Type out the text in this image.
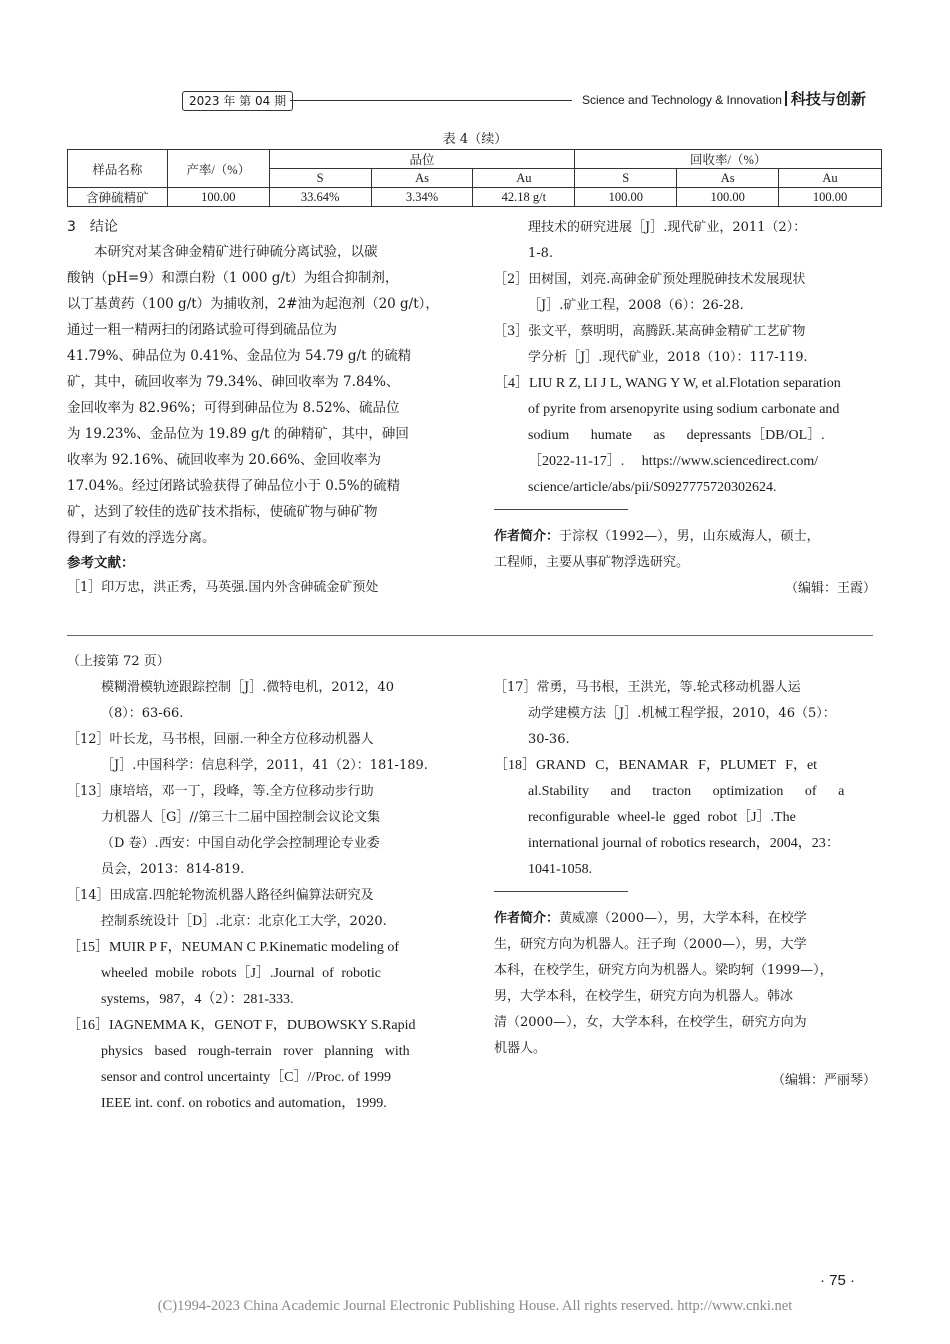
2023 年 第 04 期	Science and Technology & Innovation 科技与创新
表 4（续）
样品名称	产率/（%）	品位			回收率/（%）		
		S	As	Au	S	As	Au
含砷硫精矿	100.00	33.64%	3.34%	42.18 g/t	100.00	100.00	100.00
3　结论
本研究对某含砷金精矿进行砷硫分离试验，以碳
酸钠（pH=9）和漂白粉（1 000 g/t）为组合抑制剂，
以丁基黄药（100 g/t）为捕收剂，2#油为起泡剂（20 g/t），
通过一粗一精两扫的闭路试验可得到硫品位为
41.79%、砷品位为 0.41%、金品位为 54.79 g/t 的硫精
矿，其中，硫回收率为 79.34%、砷回收率为 7.84%、
金回收率为 82.96%；可得到砷品位为 8.52%、硫品位
为 19.23%、金品位为 19.89 g/t 的砷精矿，其中，砷回
收率为 92.16%、硫回收率为 20.66%、金回收率为
17.04%。经过闭路试验获得了砷品位小于 0.5%的硫精
矿，达到了较佳的选矿技术指标，使硫矿物与砷矿物
得到了有效的浮选分离。
参考文献：
［1］印万忠，洪正秀，马英强.国内外含砷硫金矿预处
理技术的研究进展［J］.现代矿业，2011（2）：
1-8.
［2］田树国，刘亮.高砷金矿预处理脱砷技术发展现状
［J］.矿业工程，2008（6）：26-28.
［3］张文平，蔡明明，高腾跃.某高砷金精矿工艺矿物
学分析［J］.现代矿业，2018（10）：117-119.
［4］LIU R Z, LI J L, WANG Y W, et al.Flotation separation
of pyrite from arsenopyrite using sodium carbonate and
sodium humate as depressants［DB/OL］.
［2022-11-17］. https://www.sciencedirect.com/
science/article/abs/pii/S0927775720302624.
作者简介：于淙权（1992—），男，山东威海人，硕士，
工程师，主要从事矿物浮选研究。
（编辑：王霞）
（上接第 72 页）
模糊滑模轨迹跟踪控制［J］.微特电机，2012，40
（8）：63-66.
［12］叶长龙，马书根，回丽.一种全方位移动机器人
［J］.中国科学：信息科学，2011，41（2）：181-189.
［13］康培培，邓一丁，段峰，等.全方位移动步行助
力机器人［G］//第三十二届中国控制会议论文集
（D 卷）.西安：中国自动化学会控制理论专业委
员会，2013：814-819.
［14］田成富.四舵轮物流机器人路径纠偏算法研究及
控制系统设计［D］.北京：北京化工大学，2020.
［15］MUIR P F，NEUMAN C P.Kinematic modeling of
wheeled mobile robots［J］.Journal of robotic
systems，987，4（2）：281-333.
［16］IAGNEMMA K，GENOT F，DUBOWSKY S.Rapid
physics based rough-terrain rover planning with
sensor and control uncertainty［C］//Proc. of 1999
IEEE int. conf. on robotics and automation，1999.
［17］常勇，马书根，王洪光，等.轮式移动机器人运
动学建模方法［J］.机械工程学报，2010，46（5）：
30-36.
［18］GRAND C，BENAMAR F，PLUMET F，et
al.Stability and tracton optimization of a
reconfigurable wheel-le gged robot［J］.The
international journal of robotics research，2004，23：
1041-1058.
作者简介：黄威凛（2000—），男，大学本科，在校学
生，研究方向为机器人。汪子珣（2000—），男，大学
本科，在校学生，研究方向为机器人。梁昀轲（1999—），
男，大学本科，在校学生，研究方向为机器人。韩冰
清（2000—），女，大学本科，在校学生，研究方向为
机器人。
（编辑：严丽琴）
· 75 ·
(C)1994-2023 China Academic Journal Electronic Publishing House. All rights reserved. http://www.cnki.net
